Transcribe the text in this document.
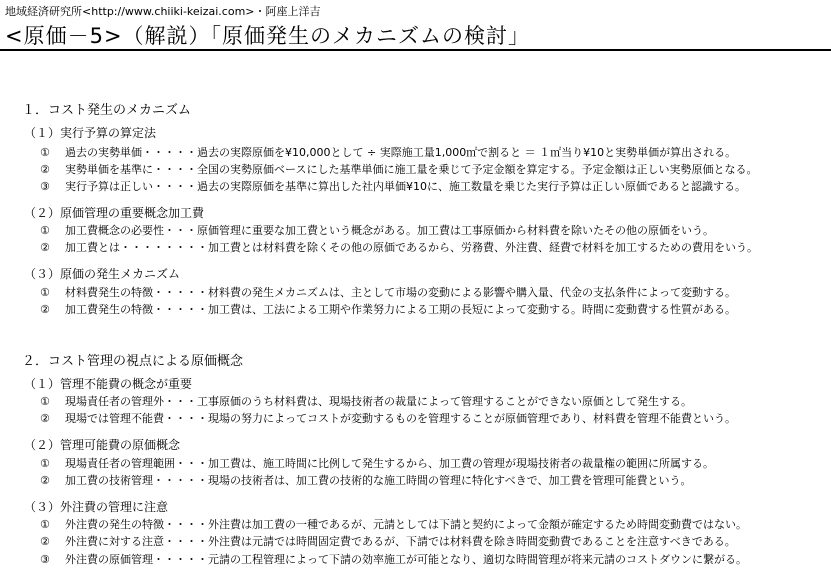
地域経済研究所<http://www.chiiki-keizai.com>・阿座上洋吉
<原価－5>（解説）「原価発生のメカニズムの検討」
１．コスト発生のメカニズム
（１）実行予算の算定法
① 過去の実勢単価・・・・・過去の実際原価を¥10,000として ÷ 実際施工量1,000㎡で割ると ＝ １㎡当り¥10と実勢単価が算出される。
② 実勢単価を基準に・・・・全国の実勢原価ベースにした基準単価に施工量を乗じて予定金額を算定する。予定金額は正しい実勢原価となる。
③ 実行予算は正しい・・・・過去の実際原価を基準に算出した社内単価¥10に、施工数量を乗じた実行予算は正しい原価であると認識する。
（２）原価管理の重要概念加工費
① 加工費概念の必要性・・・原価管理に重要な加工費という概念がある。加工費は工事原価から材料費を除いたその他の原価をいう。
② 加工費とは・・・・・・・・加工費とは材料費を除くその他の原価であるから、労務費、外注費、経費で材料を加工するための費用をいう。
（３）原価の発生メカニズム
① 材料費発生の特徴・・・・・材料費の発生メカニズムは、主として市場の変動による影響や購入量、代金の支払条件によって変動する。
② 加工費発生の特徴・・・・・加工費は、工法による工期や作業努力による工期の長短によって変動する。時間に変動費する性質がある。
２．コスト管理の視点による原価概念
（１）管理不能費の概念が重要
① 現場責任者の管理外・・・工事原価のうち材料費は、現場技術者の裁量によって管理することができない原価として発生する。
② 現場では管理不能費・・・・現場の努力によってコストが変動するものを管理することが原価管理であり、材料費を管理不能費という。
（２）管理可能費の原価概念
① 現場責任者の管理範囲・・・加工費は、施工時間に比例して発生するから、加工費の管理が現場技術者の裁量権の範囲に所属する。
② 加工費の技術管理・・・・・現場の技術者は、加工費の技術的な施工時間の管理に特化すべきで、加工費を管理可能費という。
（３）外注費の管理に注意
① 外注費の発生の特徴・・・・外注費は加工費の一種であるが、元請としては下請と契約によって金額が確定するため時間変動費ではない。
② 外注費に対する注意・・・・外注費は元請では時間固定費であるが、下請では材料費を除き時間変動費であることを注意すべきである。
③ 外注費の原価管理・・・・・元請の工程管理によって下請の効率施工が可能となり、適切な時間管理が将来元請のコストダウンに繋がる。
